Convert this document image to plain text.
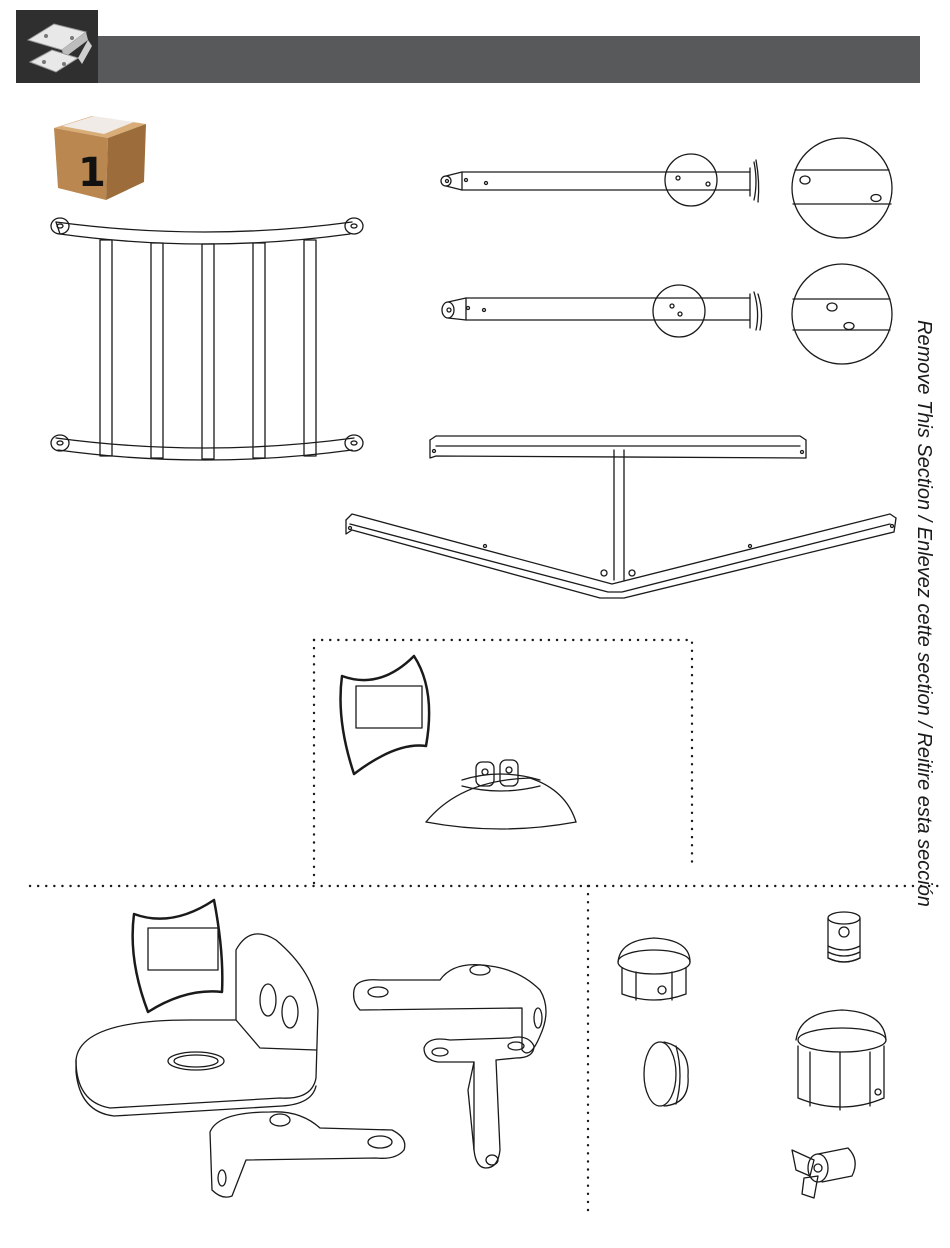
Remove This Section / Enlevez cette section / Reitire esta sección
1
